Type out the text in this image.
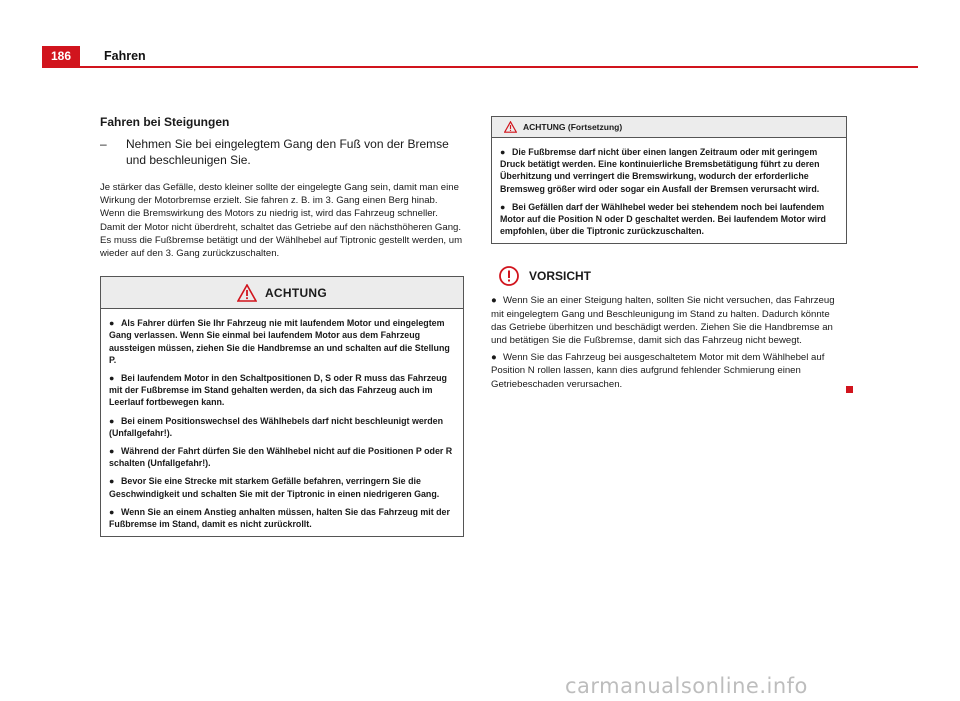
186	Fahren
Fahren bei Steigungen
– Nehmen Sie bei eingelegtem Gang den Fuß von der Bremse und beschleunigen Sie.

Je stärker das Gefälle, desto kleiner sollte der eingelegte Gang sein, damit man eine Wirkung der Motorbremse erzielt. Sie fahren z. B. im 3. Gang einen Berg hinab. Wenn die Bremswirkung des Motors zu niedrig ist, wird das Fahrzeug schneller. Damit der Motor nicht überdreht, schaltet das Getriebe auf den nächsthöheren Gang. Es muss die Fußbremse betätigt und der Wählhebel auf Tiptronic gestellt werden, um wieder auf den 3. Gang zurückzuschalten.

ACHTUNG

● Als Fahrer dürfen Sie Ihr Fahrzeug nie mit laufendem Motor und eingelegtem Gang verlassen. Wenn Sie einmal bei laufendem Motor aus dem Fahrzeug aussteigen müssen, ziehen Sie die Handbremse an und schalten auf die Stellung P.

● Bei laufendem Motor in den Schaltpositionen D, S oder R muss das Fahrzeug mit der Fußbremse im Stand gehalten werden, da sich das Fahrzeug auch im Leerlauf fortbewegen kann.

● Bei einem Positionswechsel des Wählhebels darf nicht beschleunigt werden (Unfallgefahr!).

● Während der Fahrt dürfen Sie den Wählhebel nicht auf die Positionen P oder R schalten (Unfallgefahr!).

● Bevor Sie eine Strecke mit starkem Gefälle befahren, verringern Sie die Geschwindigkeit und schalten Sie mit der Tiptronic in einen niedrigeren Gang.

● Wenn Sie an einem Anstieg anhalten müssen, halten Sie das Fahrzeug mit der Fußbremse im Stand, damit es nicht zurückrollt.

ACHTUNG (Fortsetzung)

● Die Fußbremse darf nicht über einen langen Zeitraum oder mit geringem Druck betätigt werden. Eine kontinuierliche Bremsbetätigung führt zu deren Überhitzung und verringert die Bremswirkung, wodurch der erforderliche Bremsweg größer wird oder sogar ein Ausfall der Bremsen verursacht wird.

● Bei Gefällen darf der Wählhebel weder bei stehendem noch bei laufendem Motor auf die Position N oder D geschaltet werden. Bei laufendem Motor wird empfohlen, über die Tiptronic zurückzuschalten.

VORSICHT

● Wenn Sie an einer Steigung halten, sollten Sie nicht versuchen, das Fahrzeug mit eingelegtem Gang und Beschleunigung im Stand zu halten. Dadurch könnte das Getriebe überhitzen und beschädigt werden. Ziehen Sie die Handbremse an und betätigen Sie die Fußbremse, damit sich das Fahrzeug nicht bewegt.

● Wenn Sie das Fahrzeug bei ausgeschaltetem Motor mit dem Wählhebel auf Position N rollen lassen, kann dies aufgrund fehlender Schmierung einen Getriebeschaden verursachen.

carmanualsonline.info
